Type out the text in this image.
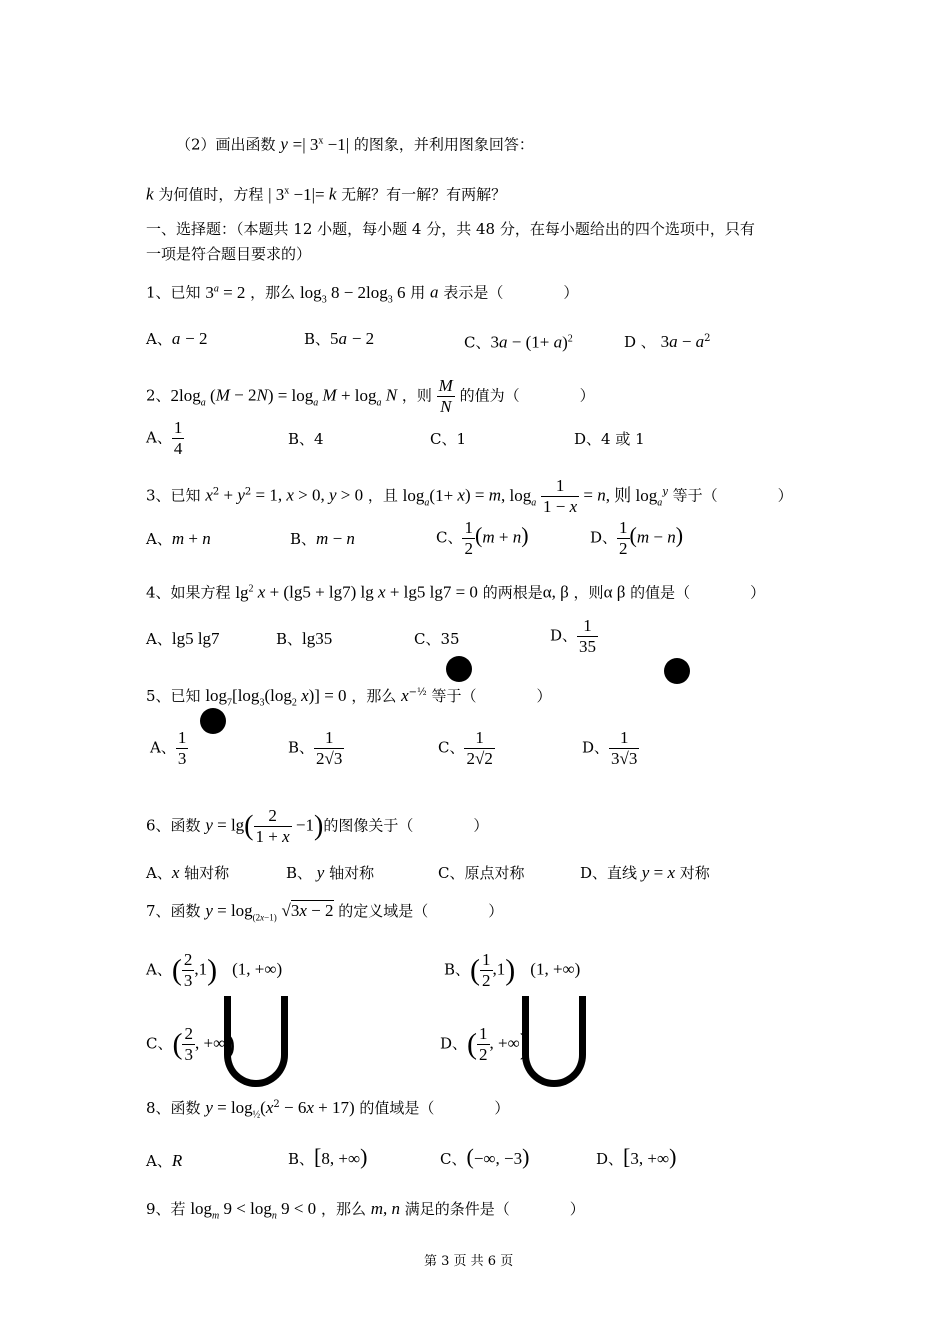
（2）画出函数 y =| $3^x -1|$ 的图象，并利用图象回答：
k 为何值时，方程 | $3^x -1|= k$ 无解？有一解？有两解？
一、选择题：（本题共 12 小题，每小题 4 分，共 48 分，在每小题给出的四个选项中，只有
一项是符合题目要求的）
1、已知 $3^a = 2$ ，那么 $\log_3 8 - 2\log_3$ 6 用 a 表示是（　　　　）
A、a − 2	B、5a − 2	C、$3a - (1+ a)^2$	D 、 $3a - a^2$
2、$2\log_a$ $(M - 2N) = \log_a M + \log_a N$ ，则 $\frac{M}{N}$ 的值为（　　　　）
A、 $\frac{1}{4}$	B、4	C、1	D、4 或 1
3、已知 $x^2 + y^2 = 1$, x > 0, y > 0 ，且 $\log_a(1+ x) = m$, $\log_a \frac{1}{1 - x} = n$, 则 $\log_a^y$ 等于（　　　　）
A、m + n	B、m − n	C、 $\frac{1}{2} (m + n)$	D、 $\frac{1}{2} (m - n)$
4、如果方程 $\lg^2 x + (\lg 5 + \lg 7)$ lg x + lg5 lg7 = 0 的两根是α, β ，则α β 的值是（　　　　）
A、lg5 lg7	B、lg35	C、35	D、 $\frac{1}{35}$
5、已知 $\log_7[\log_3(\log_2$ x)] = 0 ，那么 $x^{-\frac{1}{2}}$ 等于（　　　　）
A、 $\frac{1}{3}$	B、 $\frac{1}{2√3}$	C、 $\frac{1}{2√2}$	D、 $\frac{1}{3√3}$
6、函数 $y = \lg( \frac{2}{1 + x} -1)$的图像关于（　　　　）
A、x 轴对称	B、 y 轴对称	C、原点对称	D、直线 y = x 对称
7、函数 $y = \log_{(2x-1)} √3x - 2$ 的定义域是（　　　　）
A、( $\frac{2}{3} ,1$)　 (1, +∞)	B、( $\frac{1}{2} ,1$)　 (1, +∞)
C、( $\frac{2}{3}$ , +∞)	D、( $\frac{1}{2}$ , +∞)
8、函数 $y = \log_{\frac{1}{2}}(x^2 - 6x + 17)$ 的值域是（　　　　）
A、R	B、[8, +∞)	C、(−∞, −3)	D、[3, +∞)
9、若 $\log_m 9 < \log_n 9 < 0$ ，那么 m, n 满足的条件是（　　　　）
第 3 页 共 6 页
